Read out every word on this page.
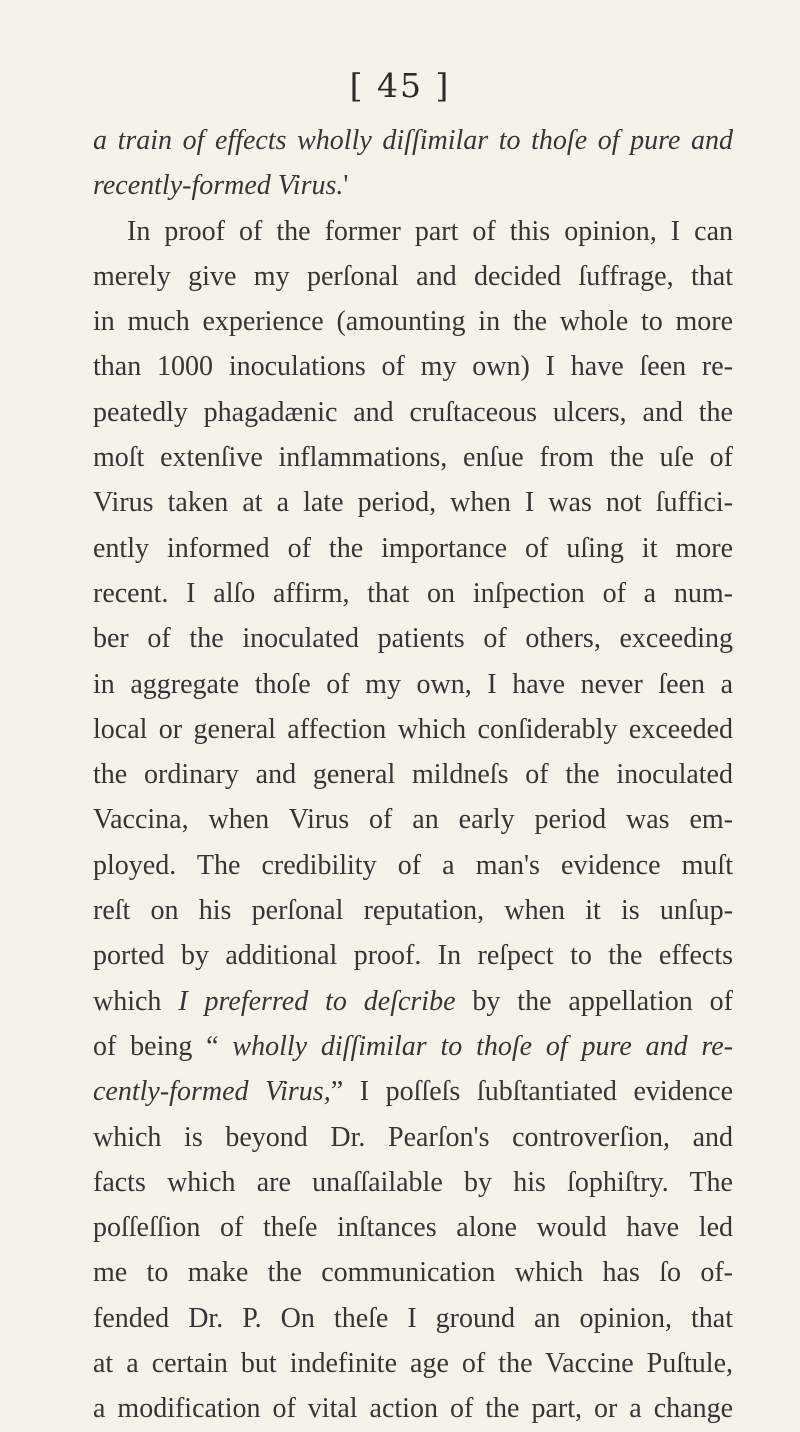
[ 45 ]
a train of effects wholly diſſimilar to thoſe of pure and
recently-formed Virus.'
In proof of the former part of this opinion, I can
merely give my perſonal and decided ſuffrage, that
in much experience (amounting in the whole to more
than 1000 inoculations of my own) I have ſeen re-
peatedly phagadænic and cruſtaceous ulcers, and the
moſt extenſive inflammations, enſue from the uſe of
Virus taken at a late period, when I was not ſuffici-
ently informed of the importance of uſing it more
recent. I alſo affirm, that on inſpection of a num-
ber of the inoculated patients of others, exceeding
in aggregate thoſe of my own, I have never ſeen a
local or general affection which conſiderably exceeded
the ordinary and general mildneſs of the inoculated
Vaccina, when Virus of an early period was em-
ployed. The credibility of a man's evidence muſt
reſt on his perſonal reputation, when it is unſup-
ported by additional proof. In reſpect to the effects
which I preferred to deſcribe by the appellation of
of being “ wholly diſſimilar to thoſe of pure and re-
cently-formed Virus,” I poſſeſs ſubſtantiated evidence
which is beyond Dr. Pearſon's controverſion, and
facts which are unaſſailable by his ſophiſtry. The
poſſeſſion of theſe inſtances alone would have led
me to make the communication which has ſo of-
fended Dr. P. On theſe I ground an opinion, that
at a certain but indefinite age of the Vaccine Puſtule,
a modification of vital action of the part, or a change
